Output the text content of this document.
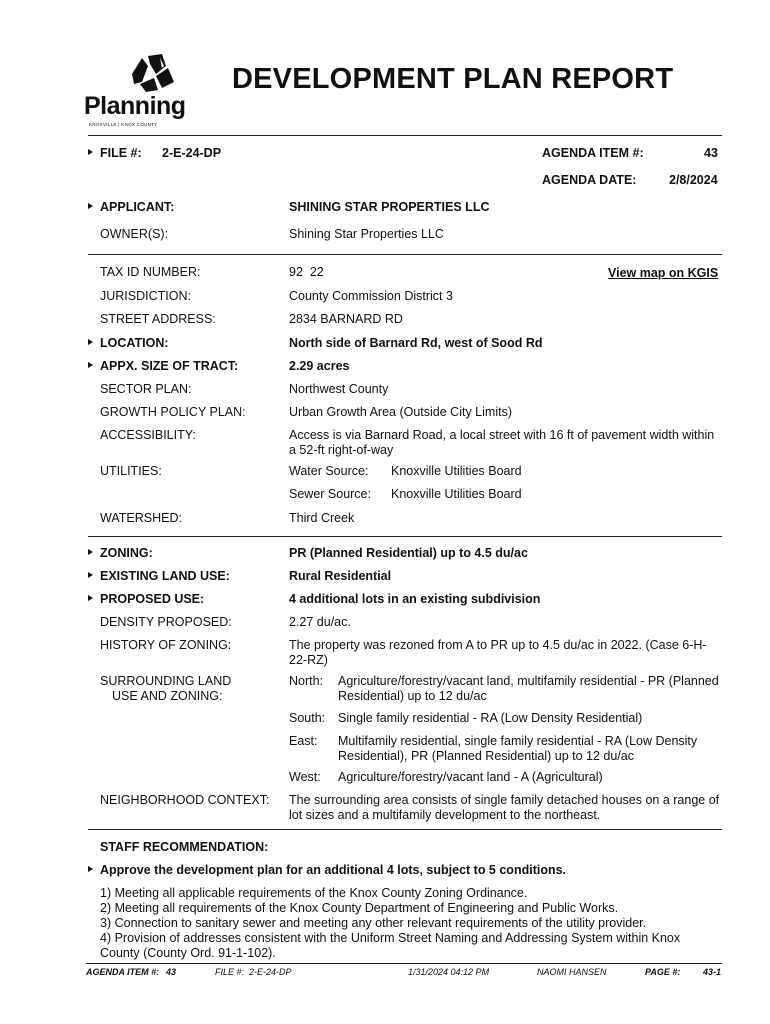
Planning
KNOXVILLE | KNOX COUNTY
DEVELOPMENT PLAN REPORT
FILE #: 2-E-24-DP	AGENDA ITEM #:	43
AGENDA DATE:	2/8/2024
APPLICANT:	SHINING STAR PROPERTIES LLC
OWNER(S):	Shining Star Properties LLC
TAX ID NUMBER:	92  22	View map on KGIS
JURISDICTION:	County Commission District 3
STREET ADDRESS:	2834 BARNARD RD
LOCATION:	North side of Barnard Rd, west of Sood Rd
APPX. SIZE OF TRACT:	2.29 acres
SECTOR PLAN:	Northwest County
GROWTH POLICY PLAN:	Urban Growth Area (Outside City Limits)
ACCESSIBILITY:	Access is via Barnard Road, a local street with 16 ft of pavement width within a 52-ft right-of-way
UTILITIES:	Water Source: Knoxville Utilities Board
Sewer Source: Knoxville Utilities Board
WATERSHED:	Third Creek
ZONING:	PR (Planned Residential) up to 4.5 du/ac
EXISTING LAND USE:	Rural Residential
PROPOSED USE:	4 additional lots in an existing subdivision
DENSITY PROPOSED:	2.27 du/ac.
HISTORY OF ZONING:	The property was rezoned from A to PR up to 4.5 du/ac in 2022. (Case 6-H-22-RZ)
SURROUNDING LAND
USE AND ZONING:
North: Agriculture/forestry/vacant land, multifamily residential - PR (Planned Residential) up to 12 du/ac
South: Single family residential - RA (Low Density Residential)
East: Multifamily residential, single family residential - RA (Low Density Residential), PR (Planned Residential) up to 12 du/ac
West: Agriculture/forestry/vacant land - A (Agricultural)
NEIGHBORHOOD CONTEXT: The surrounding area consists of single family detached houses on a range of lot sizes and a multifamily development to the northeast.
STAFF RECOMMENDATION:
Approve the development plan for an additional 4 lots, subject to 5 conditions.
1) Meeting all applicable requirements of the Knox County Zoning Ordinance.
2) Meeting all requirements of the Knox County Department of Engineering and Public Works.
3) Connection to sanitary sewer and meeting any other relevant requirements of the utility provider.
4) Provision of addresses consistent with the Uniform Street Naming and Addressing System within Knox
County (County Ord. 91-1-102).
AGENDA ITEM #: 43	FILE #:  2-E-24-DP	1/31/2024 04:12 PM	NAOMI HANSEN	PAGE #:	43-1
